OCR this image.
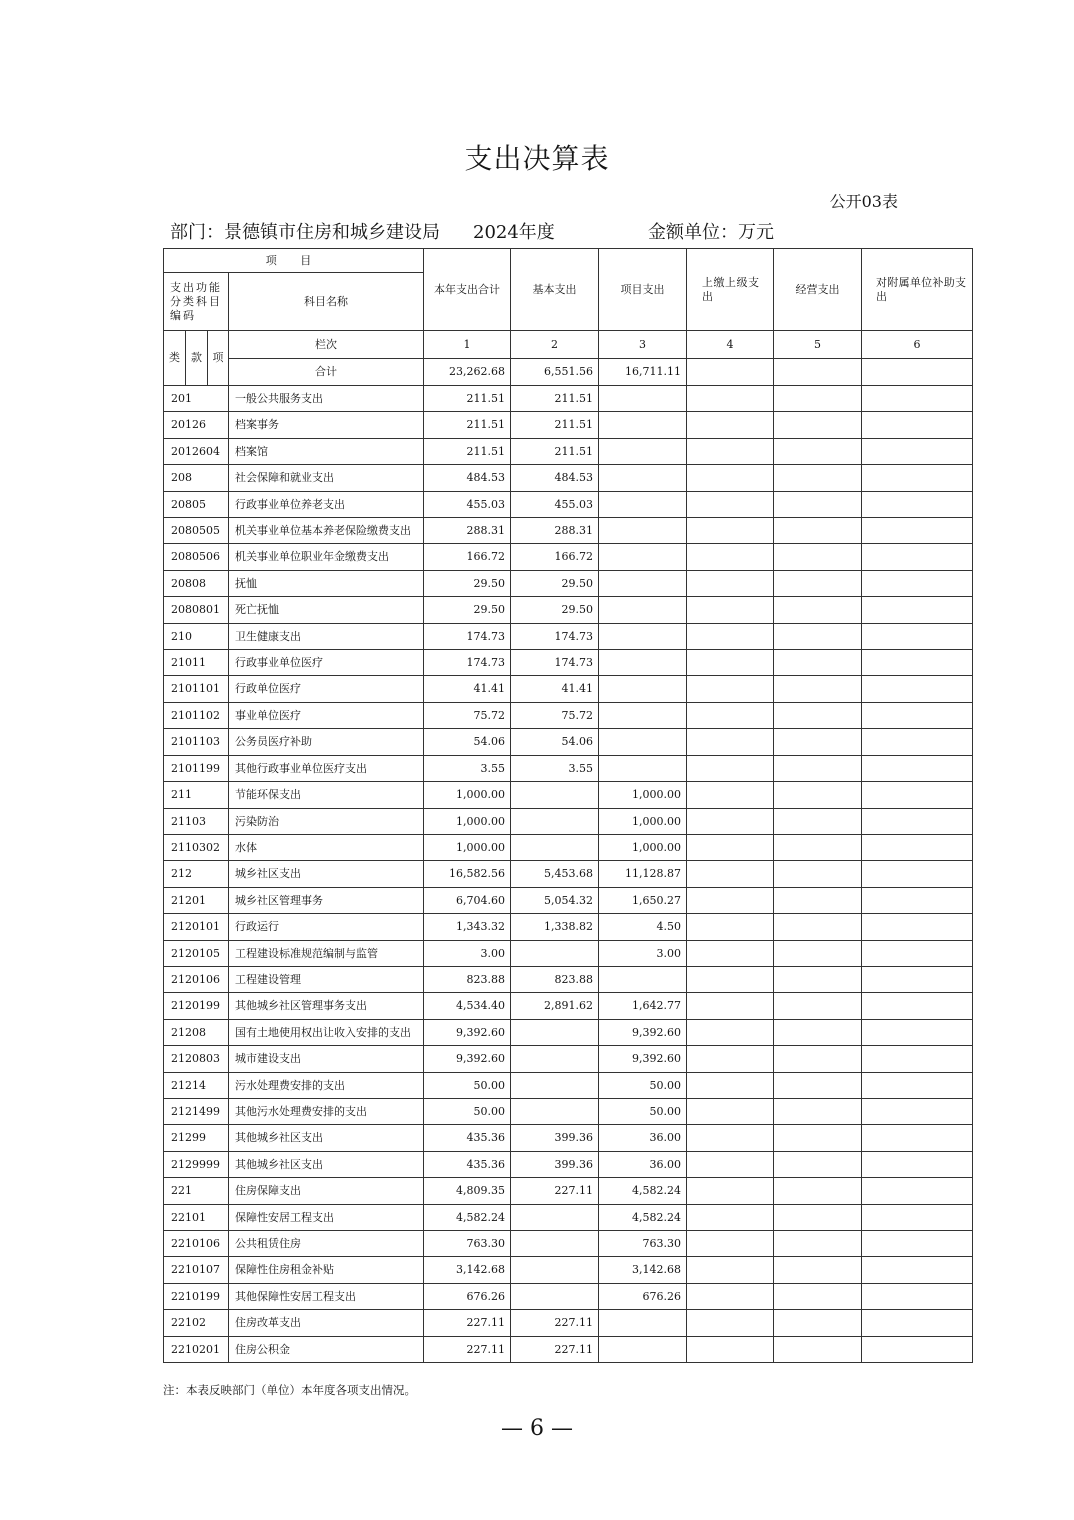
支出决算表
公开03表
部门：景德镇市住房和城乡建设局 2024年度	金额单位：万元
项 目				本年支出合计	基本支出	项目支出	上缴上级支出	经营支出	对附属单位补助支出
支出功能分类科目编码			科目名称						
类	款	项	栏次	1	2	3	4	5	6
			合计	23,262.68	6,551.56	16,711.11			
201			一般公共服务支出	211.51	211.51				
20126			档案事务	211.51	211.51				
2012604			档案馆	211.51	211.51				
208			社会保障和就业支出	484.53	484.53				
20805			行政事业单位养老支出	455.03	455.03				
2080505			机关事业单位基本养老保险缴费支出	288.31	288.31				
2080506			机关事业单位职业年金缴费支出	166.72	166.72				
20808			抚恤	29.50	29.50				
2080801			死亡抚恤	29.50	29.50				
210			卫生健康支出	174.73	174.73				
21011			行政事业单位医疗	174.73	174.73				
2101101			行政单位医疗	41.41	41.41				
2101102			事业单位医疗	75.72	75.72				
2101103			公务员医疗补助	54.06	54.06				
2101199			其他行政事业单位医疗支出	3.55	3.55				
211			节能环保支出	1,000.00		1,000.00			
21103			污染防治	1,000.00		1,000.00			
2110302			水体	1,000.00		1,000.00			
212			城乡社区支出	16,582.56	5,453.68	11,128.87			
21201			城乡社区管理事务	6,704.60	5,054.32	1,650.27			
2120101			行政运行	1,343.32	1,338.82	4.50			
2120105			工程建设标准规范编制与监管	3.00		3.00			
2120106			工程建设管理	823.88	823.88				
2120199			其他城乡社区管理事务支出	4,534.40	2,891.62	1,642.77			
21208			国有土地使用权出让收入安排的支出	9,392.60		9,392.60			
2120803			城市建设支出	9,392.60		9,392.60			
21214			污水处理费安排的支出	50.00		50.00			
2121499			其他污水处理费安排的支出	50.00		50.00			
21299			其他城乡社区支出	435.36	399.36	36.00			
2129999			其他城乡社区支出	435.36	399.36	36.00			
221			住房保障支出	4,809.35	227.11	4,582.24			
22101			保障性安居工程支出	4,582.24		4,582.24			
2210106			公共租赁住房	763.30		763.30			
2210107			保障性住房租金补贴	3,142.68		3,142.68			
2210199			其他保障性安居工程支出	676.26		676.26			
22102			住房改革支出	227.11	227.11				
2210201			住房公积金	227.11	227.11				
注：本表反映部门（单位）本年度各项支出情况。
— 6 —
